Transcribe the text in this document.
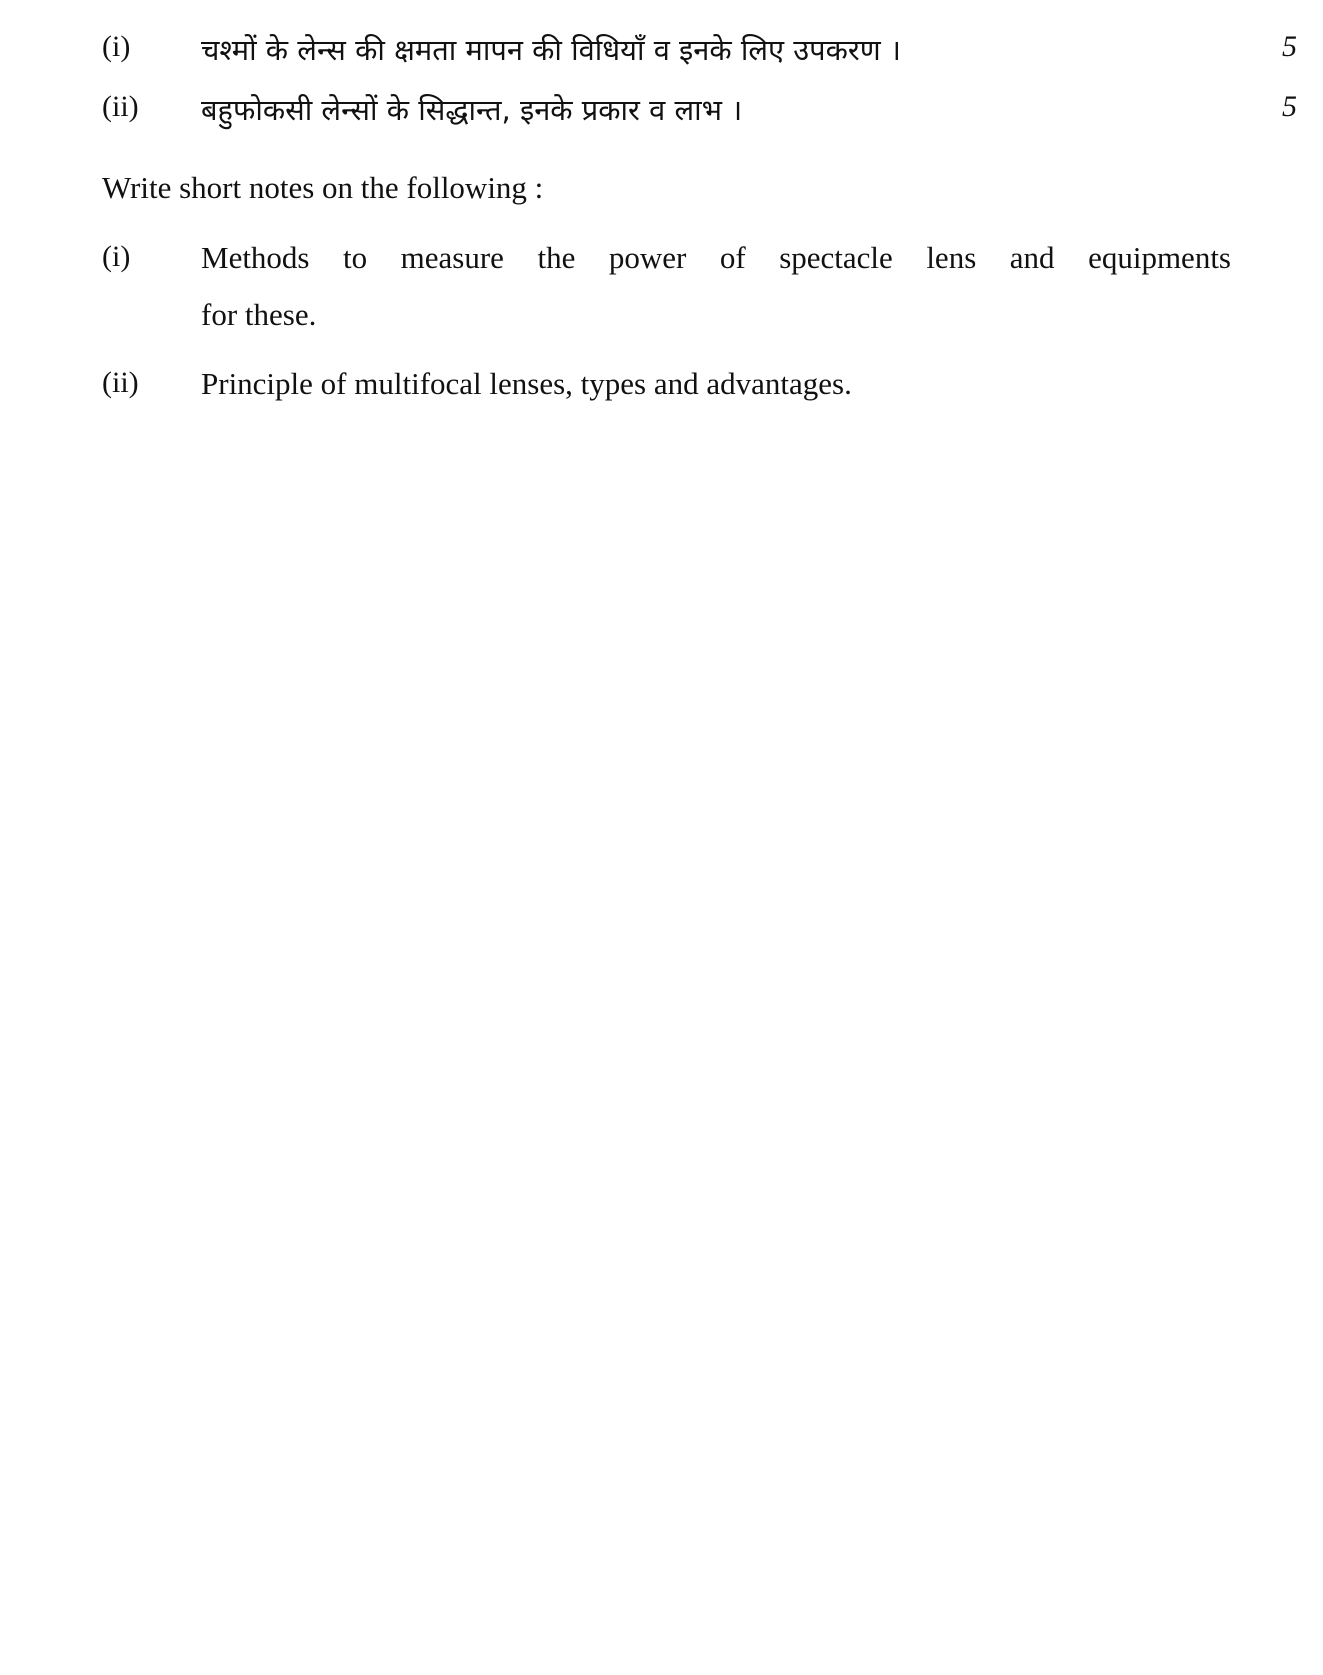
(i) चश्मों के लेन्स की क्षमता मापन की विधियाँ व इनके लिए उपकरण ।	5
(ii) बहुफोकसी लेन्सों के सिद्धान्त, इनके प्रकार व लाभ ।	5
Write short notes on the following :
(i) Methods to measure the power of spectacle lens and equipments
for these.
(ii) Principle of multifocal lenses, types and advantages.
